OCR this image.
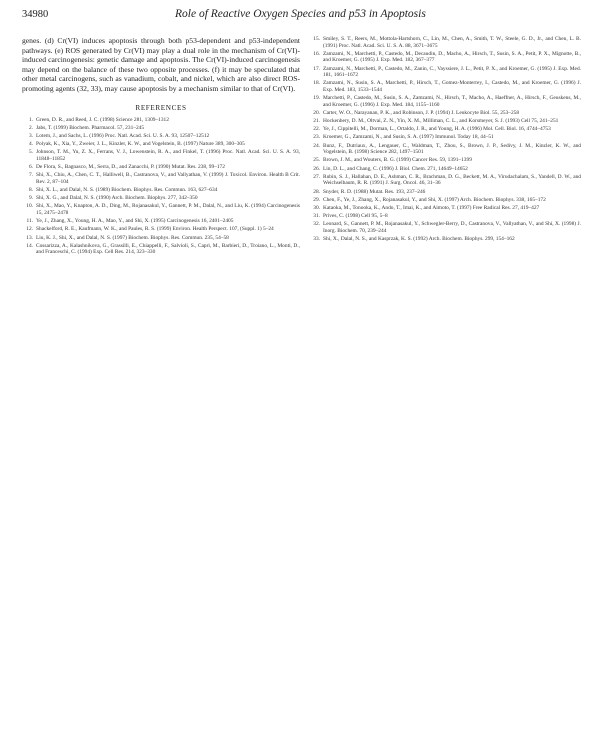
34980	Role of Reactive Oxygen Species and p53 in Apoptosis

genes. (d) Cr(VI) induces apoptosis through both p53-dependent and p53-independent pathways. (e) ROS generated by Cr(VI) may play a dual role in the mechanism of Cr(VI)-induced carcinogenesis: genetic damage and apoptosis. The Cr(VI)-induced carcinogenesis may depend on the balance of these two opposite processes. (f) it may be speculated that other metal carcinogens, such as vanadium, cobalt, and nickel, which are also direct ROS-promoting agents (32, 33), may cause apoptosis by a mechanism similar to that of Cr(VI).

REFERENCES
1. Green, D. R., and Reed, J. C. (1998) Science 281, 1309–1312
2. Jabs, T. (1999) Biochem. Pharmacol. 57, 231–245
3. Lotem, J., and Sachs, L. (1996) Proc. Natl. Acad. Sci. U. S. A. 93, 12507–12512
4. Polyak, K., Xia, Y., Zweier, J. L., Kinzler, K. W., and Vogelstein, B. (1997) Nature 389, 300–305
5. Johnson, T. M., Yu, Z. X., Ferrans, V. J., Lowenstein, R. A., and Finkel, T. (1996) Proc. Natl. Acad. Sci. U. S. A. 93, 11848–11852
6. De Flora, S., Bagnasco, M., Serra, D., and Zanacchi, P. (1990) Mutat. Res. 238, 99–172
7. Shi, X., Chiu, A., Chen, C. T., Halliwell, B., Castranova, V., and Vallyathan, V. (1999) J. Toxicol. Environ. Health B Crit. Rev. 2, 87–104
8. Shi, X. L., and Dalal, N. S. (1989) Biochem. Biophys. Res. Commun. 163, 627–634
9. Shi, X. G., and Dalal, N. S. (1990) Arch. Biochem. Biophys. 277, 342–350
10. Shi, X., Mao, Y., Knapton, A. D., Ding, M., Rojanasakul, Y., Gannett, P. M., Dalal, N., and Liu, K. (1994) Carcinogenesis 15, 2475–2478
11. Ye, J., Zhang, X., Young, H. A., Mao, Y., and Shi, X. (1995) Carcinogenesis 16, 2401–2405
12. Shackelford, R. E., Kaufmann, W. K., and Paules, R. S. (1999) Environ. Health Perspect. 107, (Suppl. 1) 5–24
13. Liu, K. J., Shi, X., and Dalal, N. S. (1997) Biochem. Biophys. Res. Commun. 235, 54–58
14. Cossarizza, A., Kalashnikova, G., Grassilli, E., Chiappelli, F., Salvioli, S., Capri, M., Barbieri, D., Troiano, L., Monti, D., and Franceschi, C. (1994) Exp. Cell Res. 214, 323–330
15. Smiley, S. T., Reers, M., Mottola-Hartshorn, C., Lin, M., Chen, A., Smith, T. W., Steele, G. D., Jr., and Chen, L. B. (1991) Proc. Natl. Acad. Sci. U. S. A. 88, 3671–3675
16. Zamzami, N., Marchetti, P., Castedo, M., Decaudin, D., Macho, A., Hirsch, T., Susin, S. A., Petit, P. X., Mignotte, B., and Kroemer, G. (1995) J. Exp. Med. 182, 367–377
17. Zamzami, N., Marchetti, P., Castedo, M., Zanin, C., Vayssiere, J. L., Petit, P. X., and Kroemer, G. (1995) J. Exp. Med. 181, 1661–1672
18. Zamzami, N., Susin, S. A., Marchetti, P., Hirsch, T., Gomez-Monterrey, I., Castedo, M., and Kroemer, G. (1996) J. Exp. Med. 183, 1533–1544
19. Marchetti, P., Castedo, M., Susin, S. A., Zamzami, N., Hirsch, T., Macho, A., Haeffner, A., Hirsch, F., Geuskens, M., and Kroemer, G. (1996) J. Exp. Med. 184, 1155–1160
20. Carter, W. O., Narayanan, P. K., and Robinson, J. P. (1994) J. Leukocyte Biol. 55, 253–258
21. Hockenbery, D. M., Oltvai, Z. N., Yin, X. M., Milliman, C. L., and Korsmeyer, S. J. (1993) Cell 75, 241–251
22. Ye, J., Cippitelli, M., Dorman, L., Ortaldo, J. R., and Young, H. A. (1996) Mol. Cell. Biol. 16, 4744–4753
23. Kroemer, G., Zamzami, N., and Susin, S. A. (1997) Immunol. Today 18, 44–51
24. Bunz, F., Dutriaux, A., Lengauer, C., Waldman, T., Zhou, S., Brown, J. P., Sedivy, J. M., Kinzler, K. W., and Vogelstein, B. (1998) Science 282, 1497–1501
25. Brown, J. M., and Wouters, B. G. (1999) Cancer Res. 59, 1391–1399
26. Lin, D. L., and Chang, C. (1996) J. Biol. Chem. 271, 14649–14652
27. Rubin, S. J., Hallahan, D. E., Ashman, C. R., Brachman, D. G., Beckett, M. A., Virudachalam, S., Yandell, D. W., and Weichselbaum, R. R. (1991) J. Surg. Oncol. 46, 31–36
28. Snyder, R. D. (1988) Mutat. Res. 193, 237–246
29. Chen, F., Ye, J., Zhang, X., Rojanasakul, Y., and Shi, X. (1997) Arch. Biochem. Biophys. 338, 165–172
30. Kataoka, M., Tonooka, K., Ando, T., Imai, K., and Aimoto, T. (1997) Free Radical Res. 27, 419–427
31. Prives, C. (1998) Cell 95, 5–8
32. Leonard, S., Gannett, P. M., Rojanasakul, Y., Schwegler-Berry, D., Castranova, V., Vallyathan, V., and Shi, X. (1998) J. Inorg. Biochem. 70, 239–244
33. Shi, X., Dalal, N. S., and Kasprzak, K. S. (1992) Arch. Biochem. Biophys. 299, 154–162
